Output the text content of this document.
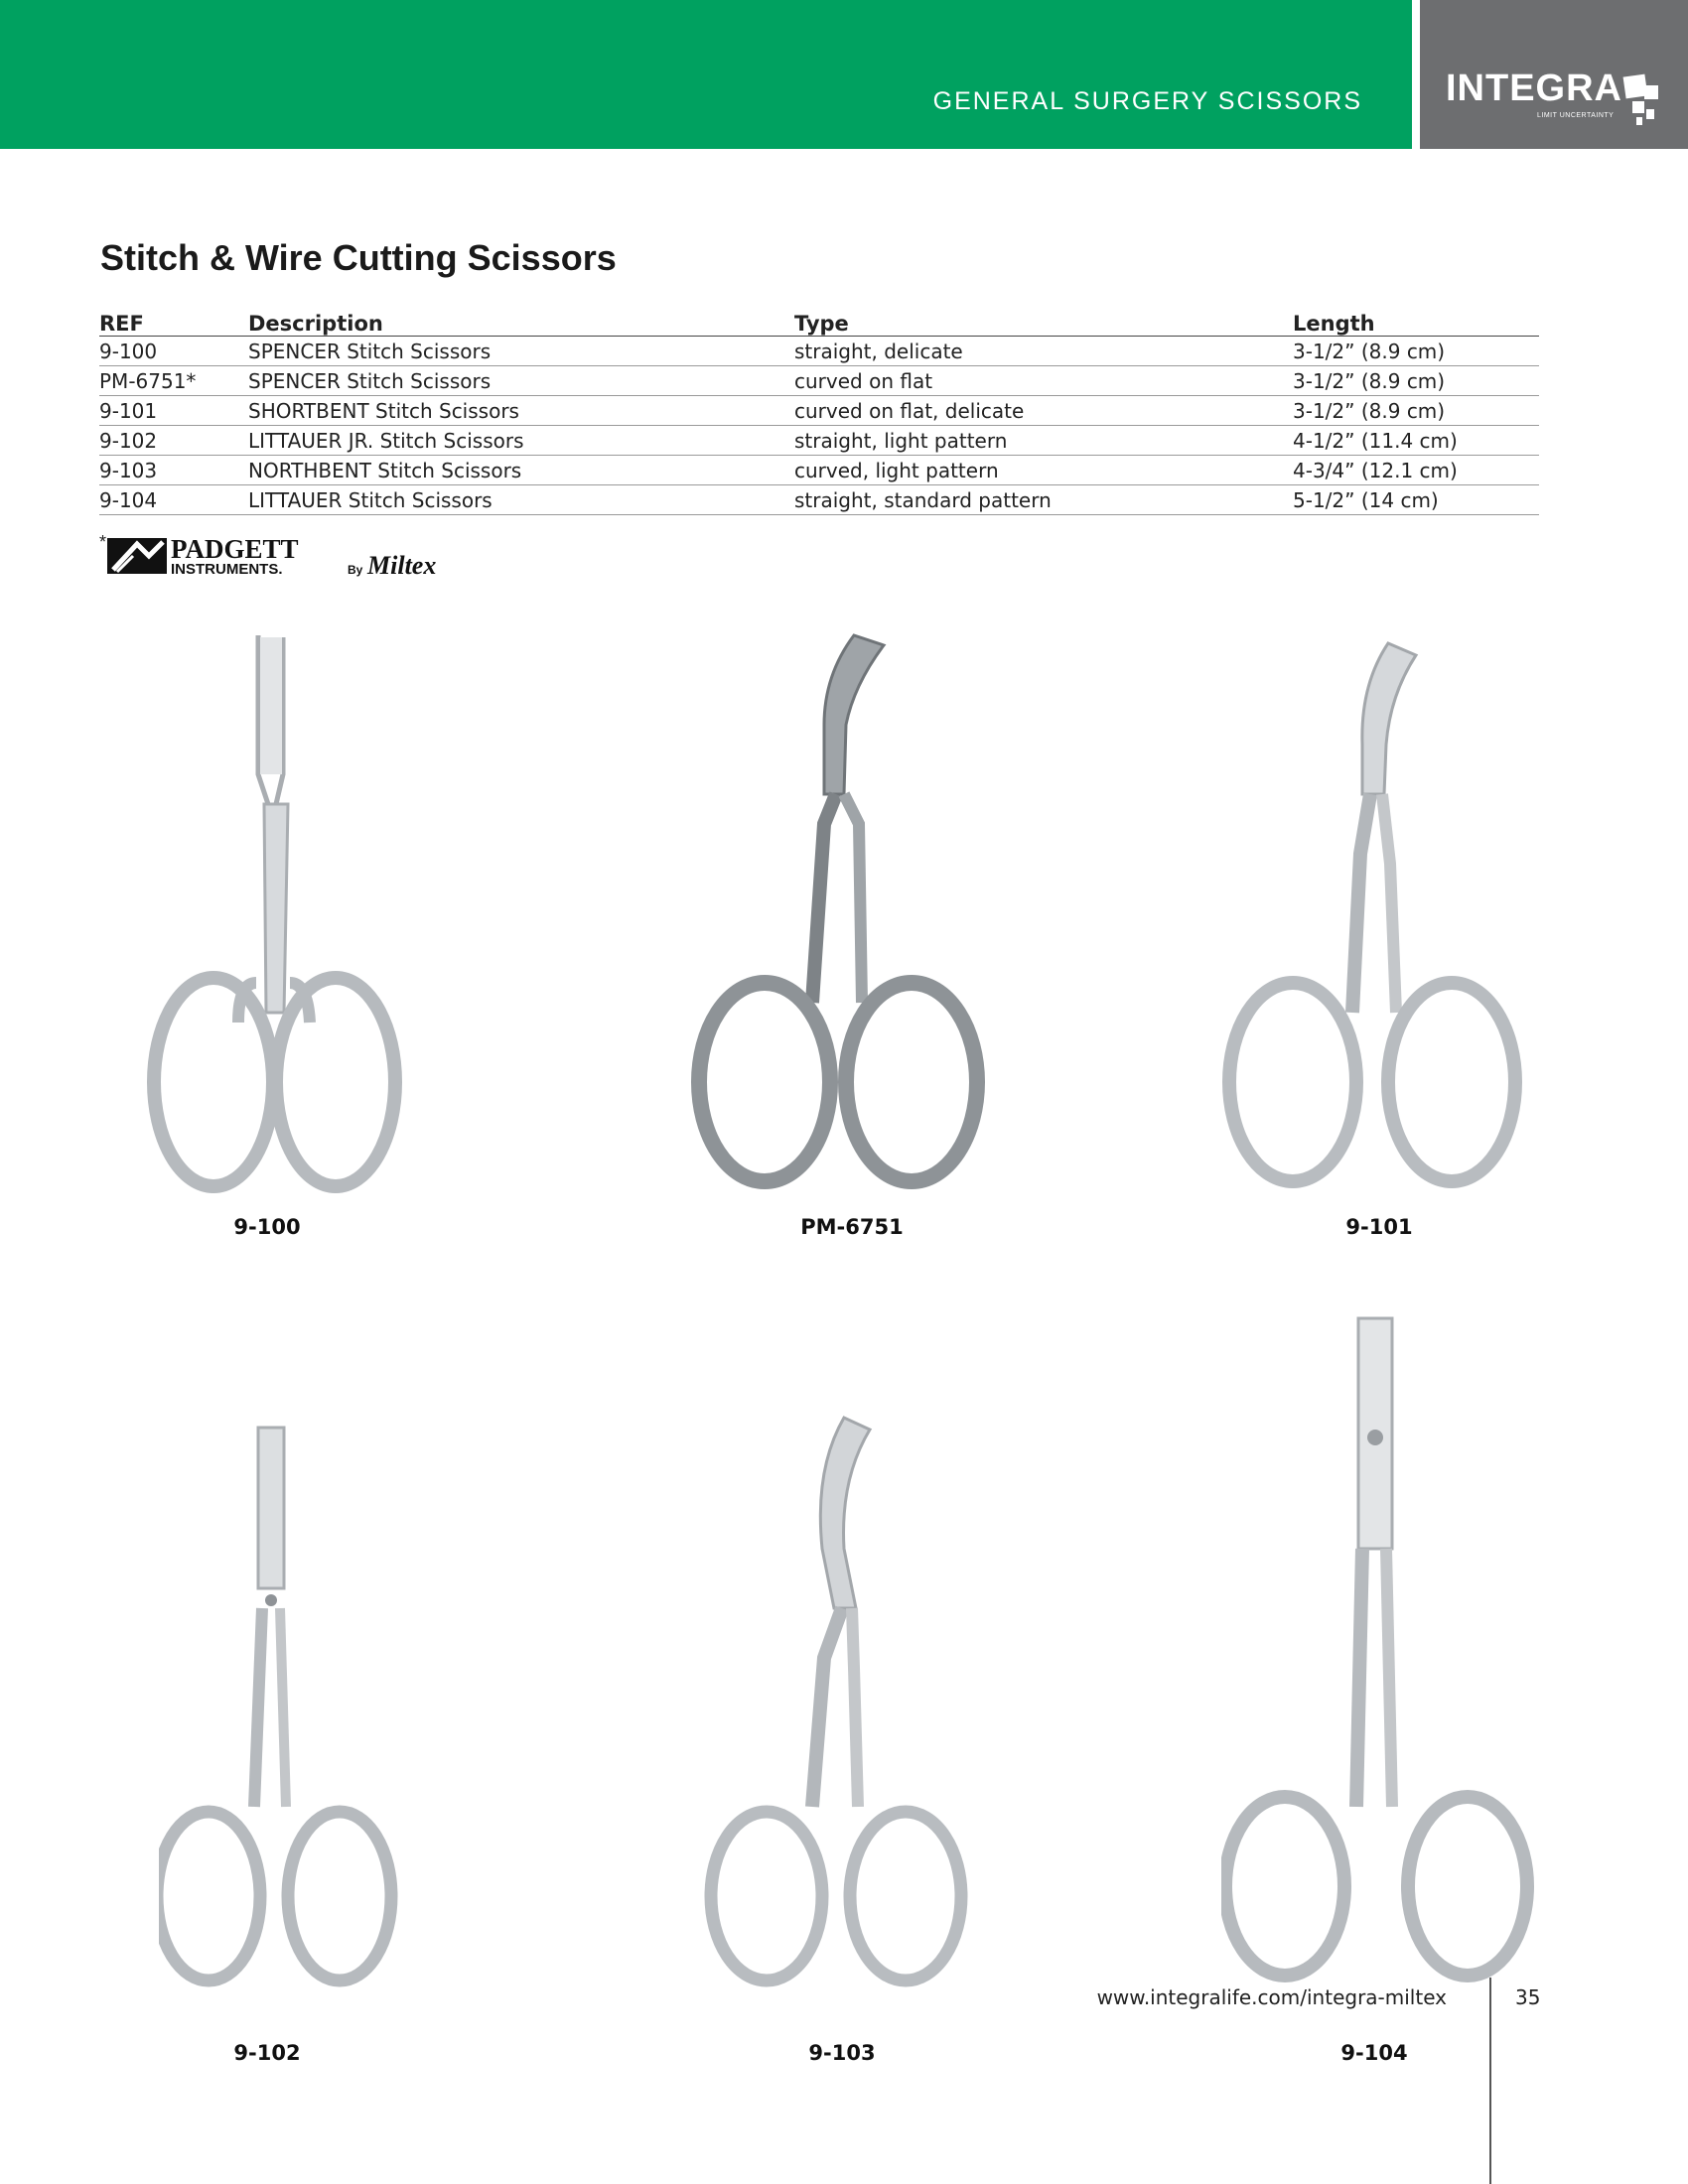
GENERAL SURGERY SCISSORS INTEGRA
LIMIT UNCERTAINTY
Stitch & Wire Cutting Scissors
REF	Description	Type	Length
9-100	SPENCER Stitch Scissors	straight, delicate	3-1/2” (8.9 cm)
PM-6751*	SPENCER Stitch Scissors	curved on flat	3-1/2” (8.9 cm)
9-101	SHORTBENT Stitch Scissors	curved on flat, delicate	3-1/2” (8.9 cm)
9-102	LITTAUER JR. Stitch Scissors	straight, light pattern	4-1/2” (11.4 cm)
9-103	NORTHBENT Stitch Scissors	curved, light pattern	4-3/4” (12.1 cm)
9-104	LITTAUER Stitch Scissors	straight, standard pattern	5-1/2” (14 cm)
* PADGETT
INSTRUMENTS.	By Miltex
9-100	PM-6751	9-101
9-102	9-103	9-104
www.integralife.com/integra-miltex	35
